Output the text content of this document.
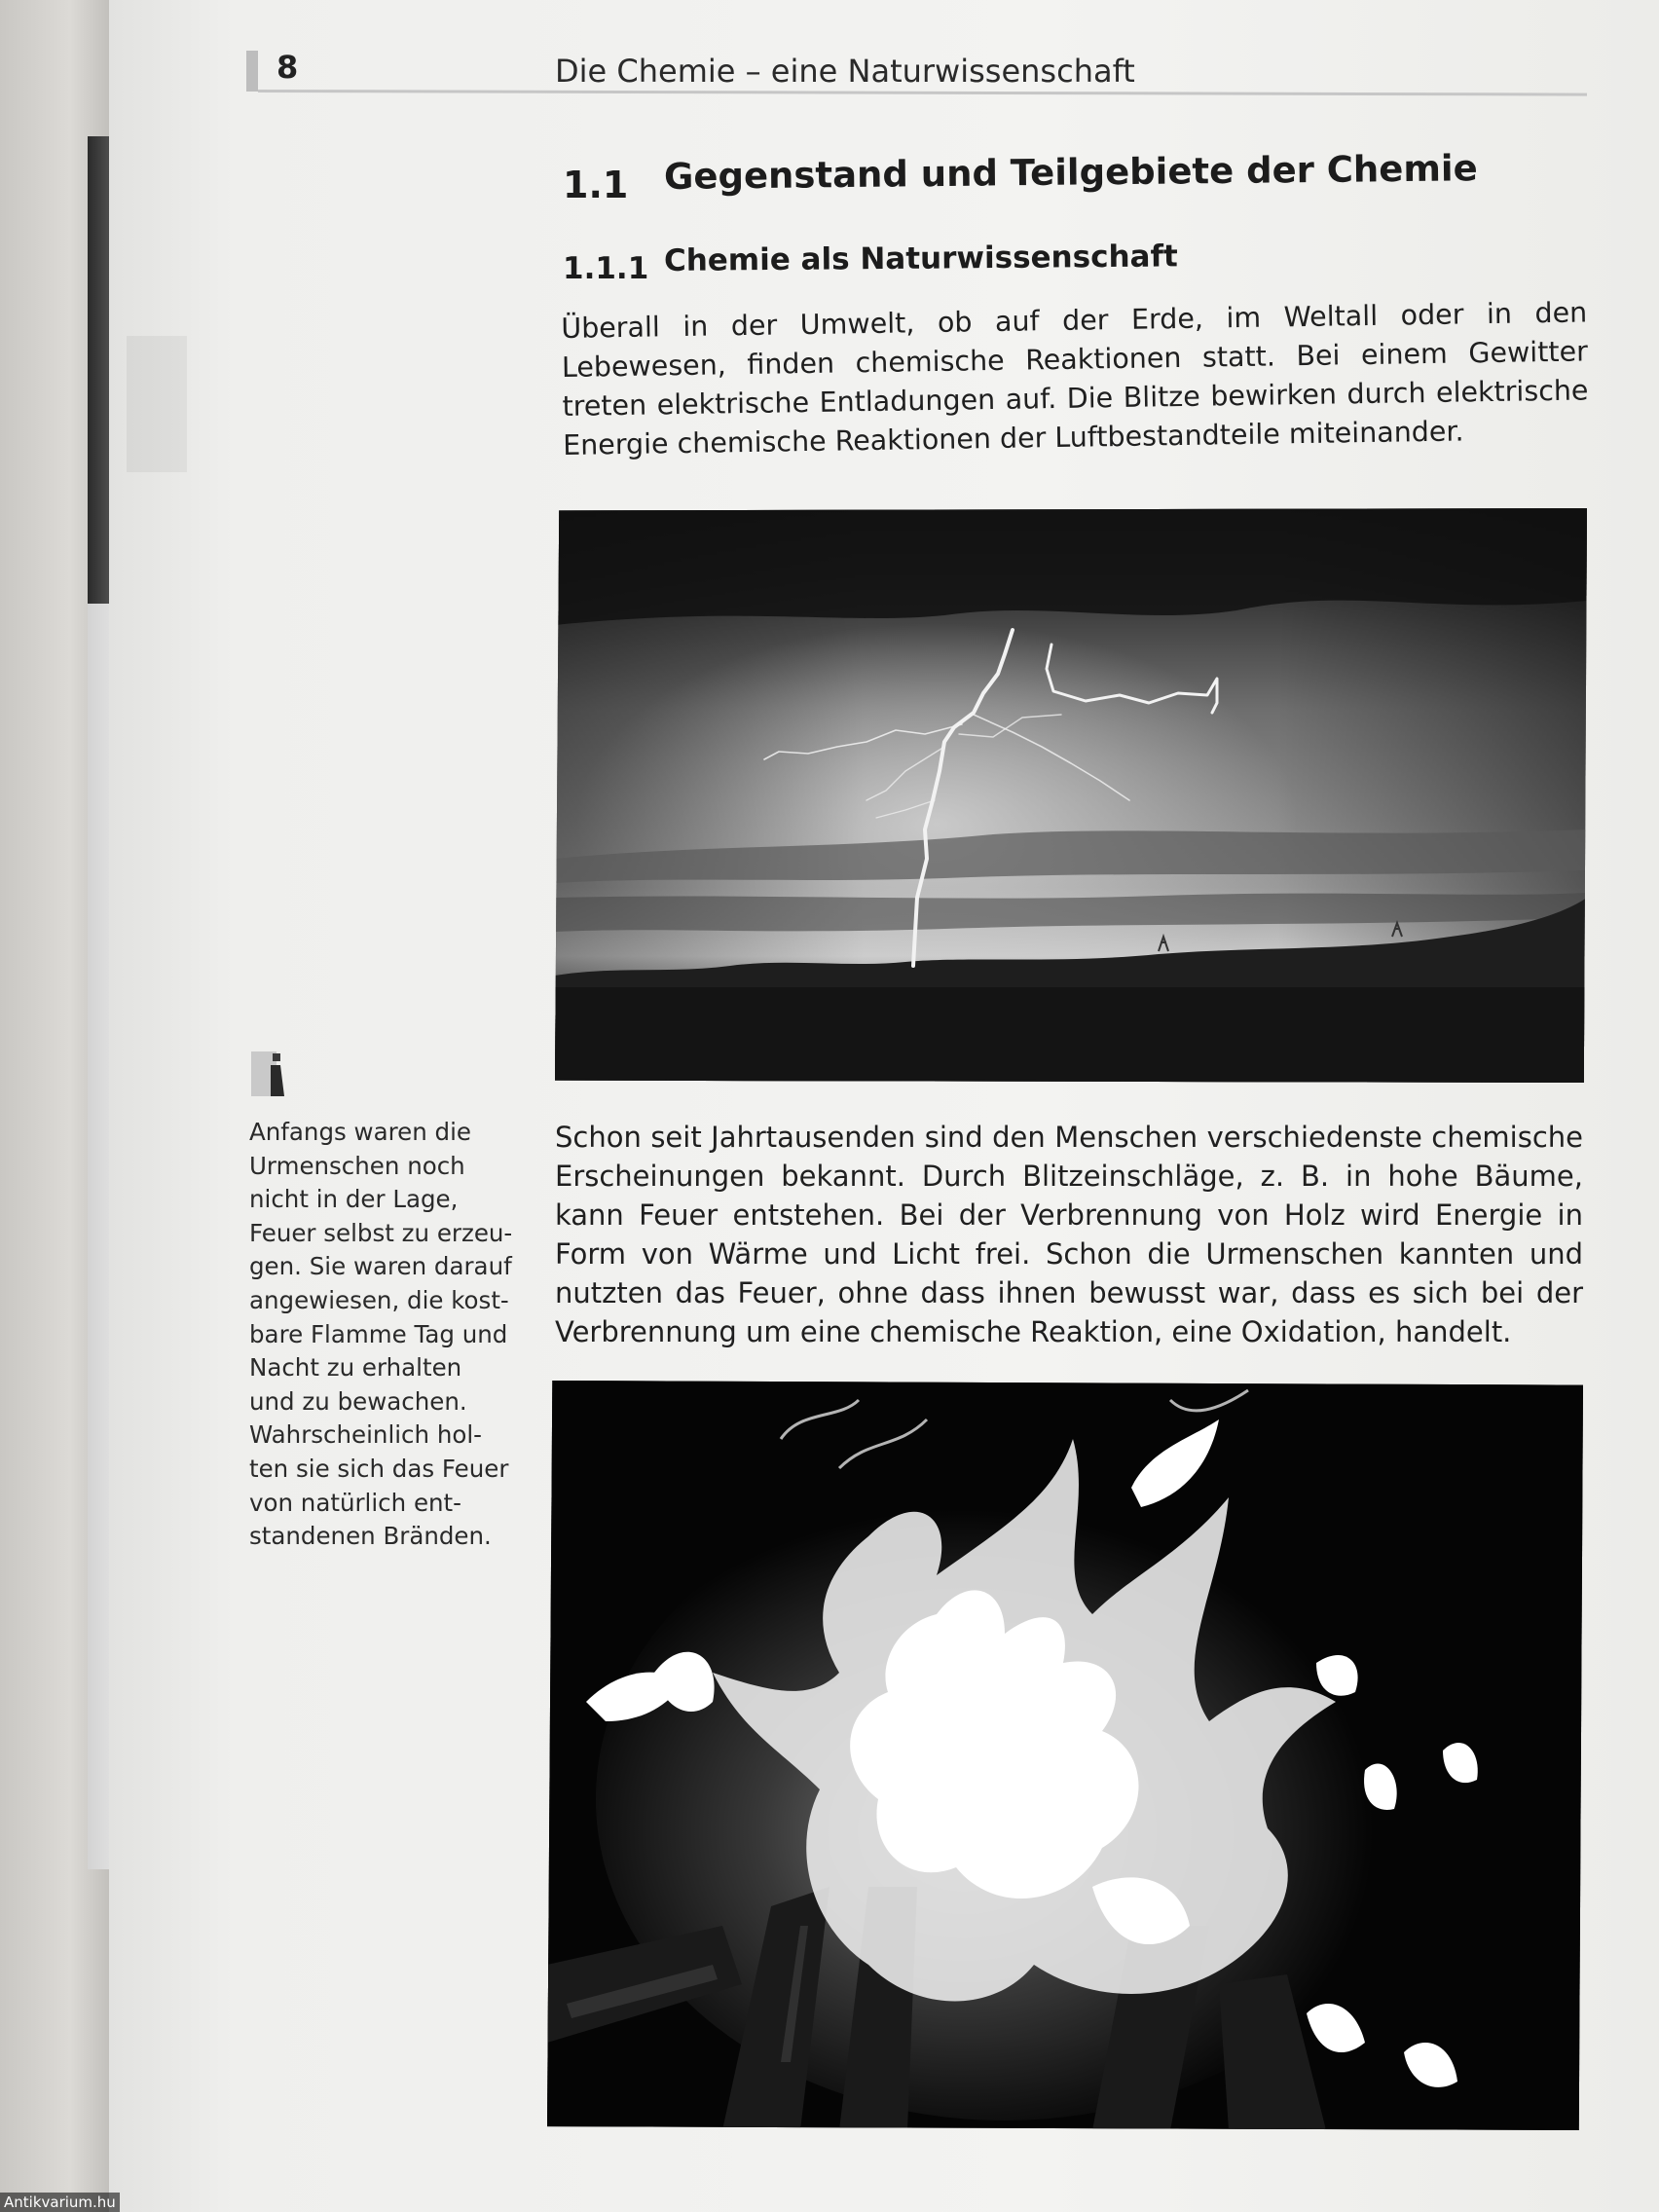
8	Die Chemie – eine Naturwissenschaft
1.1 Gegenstand und Teilgebiete der Chemie
1.1.1 Chemie als Naturwissenschaft

Überall in der Umwelt, ob auf der Erde, im Weltall oder in den Lebewesen, finden chemische Reaktionen statt. Bei einem Gewitter treten elektrische Entladungen auf. Die Blitze bewirken durch elektrische Energie chemische Reaktionen der Luftbestandteile miteinander.

Schon seit Jahrtausenden sind den Menschen verschiedenste chemische Erscheinungen bekannt. Durch Blitzeinschläge, z. B. in hohe Bäume, kann Feuer entstehen. Bei der Verbrennung von Holz wird Energie in Form von Wärme und Licht frei. Schon die Urmenschen kannten und nutzten das Feuer, ohne dass ihnen bewusst war, dass es sich bei der Verbrennung um eine chemische Reaktion, eine Oxidation, handelt.

Anfangs waren die
Urmenschen noch
nicht in der Lage,
Feuer selbst zu erzeu-
gen. Sie waren darauf
angewiesen, die kost-
bare Flamme Tag und
Nacht zu erhalten
und zu bewachen.
Wahrscheinlich hol-
ten sie sich das Feuer
von natürlich ent-
standenen Bränden.

Antikvarium.hu
